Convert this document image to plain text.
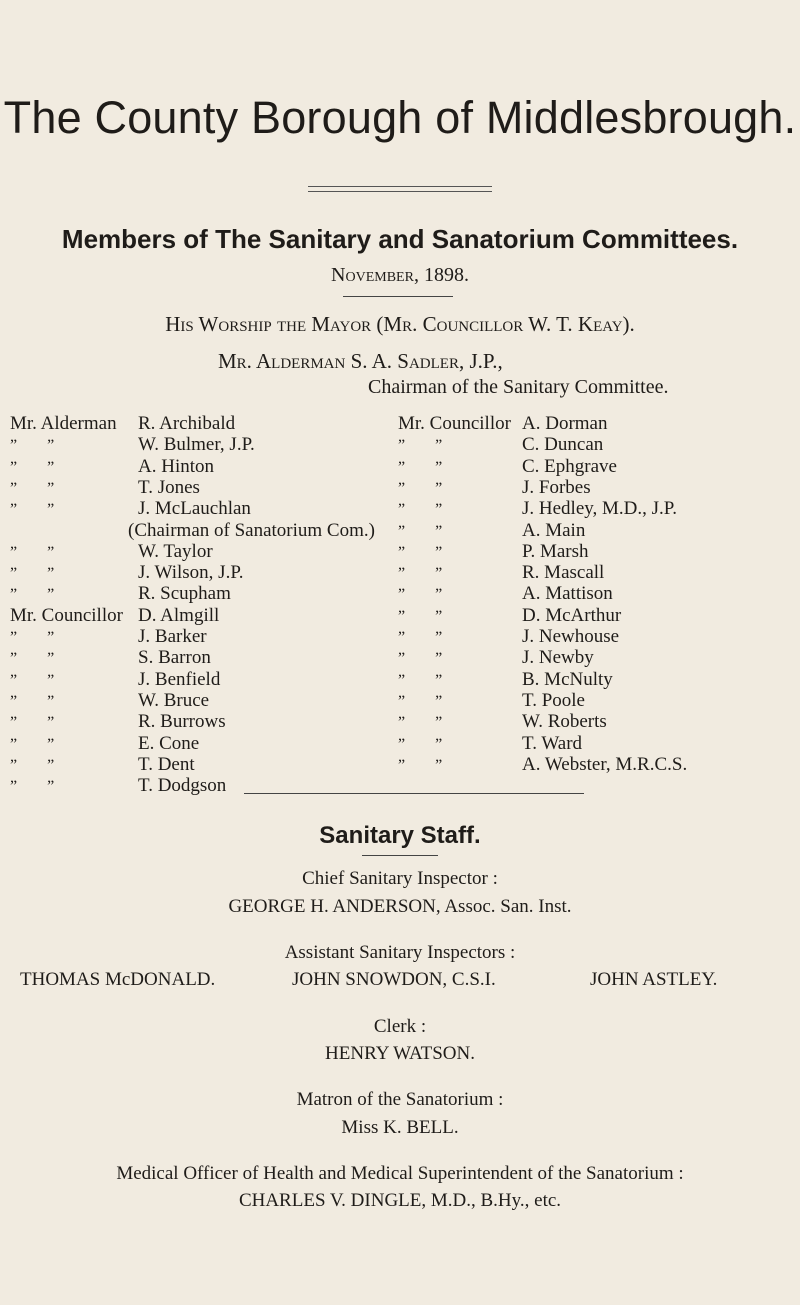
The County Borough of Middlesbrough.
Members of The Sanitary and Sanatorium Committees.
November, 1898.
His Worship the Mayor (Mr. Councillor W. T. Keay).
Mr. Alderman S. A. Sadler, J.P.,
Chairman of the Sanitary Committee.
Mr. Alderman R. Archibald
” ”	W. Bulmer, J.P.
” ”	A. Hinton
” ”	T. Jones
” ”	J. McLauchlan
(Chairman of Sanatorium Com.)
” ”	W. Taylor
” ”	J. Wilson, J.P.
” ”	R. Scupham
Mr. Councillor D. Almgill
” ”	J. Barker
” ”	S. Barron
” ”	J. Benfield
” ”	W. Bruce
” ”	R. Burrows
” ”	E. Cone
” ”	T. Dent
” ”	T. Dodgson
Mr. Councillor A. Dorman
” ”	C. Duncan
” ”	C. Ephgrave
” ”	J. Forbes
” ”	J. Hedley, M.D., J.P.
” ”	A. Main
” ”	P. Marsh
” ”	R. Mascall
” ”	A. Mattison
” ”	D. McArthur
” ”	J. Newhouse
” ”	J. Newby
” ”	B. McNulty
” ”	T. Poole
” ”	W. Roberts
” ”	T. Ward
” ”	A. Webster, M.R.C.S.
Sanitary Staff.
Chief Sanitary Inspector :
GEORGE H. ANDERSON, Assoc. San. Inst.
Assistant Sanitary Inspectors :
THOMAS McDONALD.	JOHN SNOWDON, C.S.I.	JOHN ASTLEY.
Clerk :
HENRY WATSON.
Matron of the Sanatorium :
Miss K. BELL.
Medical Officer of Health and Medical Superintendent of the Sanatorium :
CHARLES V. DINGLE, M.D., B.Hy., etc.
